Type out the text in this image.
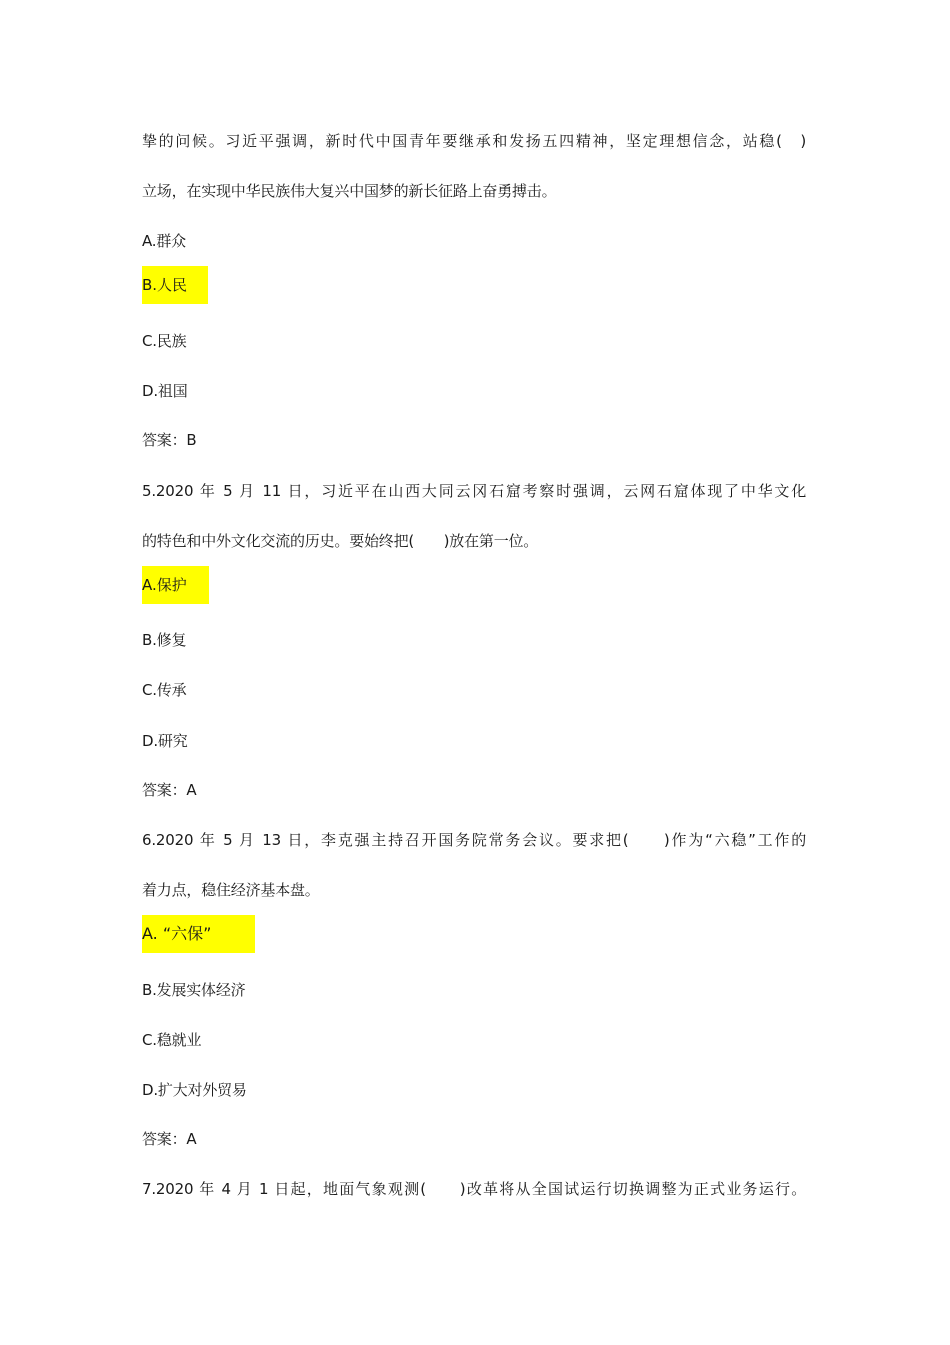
挚的问候。习近平强调，新时代中国青年要继承和发扬五四精神，坚定理想信念，站稳(　)
立场，在实现中华民族伟大复兴中国梦的新长征路上奋勇搏击。
A.群众
B.人民
C.民族
D.祖国
答案：B
5.2020 年 5 月 11 日，习近平在山西大同云冈石窟考察时强调，云网石窟体现了中华文化
的特色和中外文化交流的历史。要始终把(　　)放在第一位。
A.保护
B.修复
C.传承
D.研究
答案：A
6.2020 年 5 月 13 日，李克强主持召开国务院常务会议。要求把(　　)作为“六稳”工作的
着力点，稳住经济基本盘。
A. “六保”
B.发展实体经济
C.稳就业
D.扩大对外贸易
答案：A
7.2020 年 4 月 1 日起，地面气象观测(　　)改革将从全国试运行切换调整为正式业务运行。
